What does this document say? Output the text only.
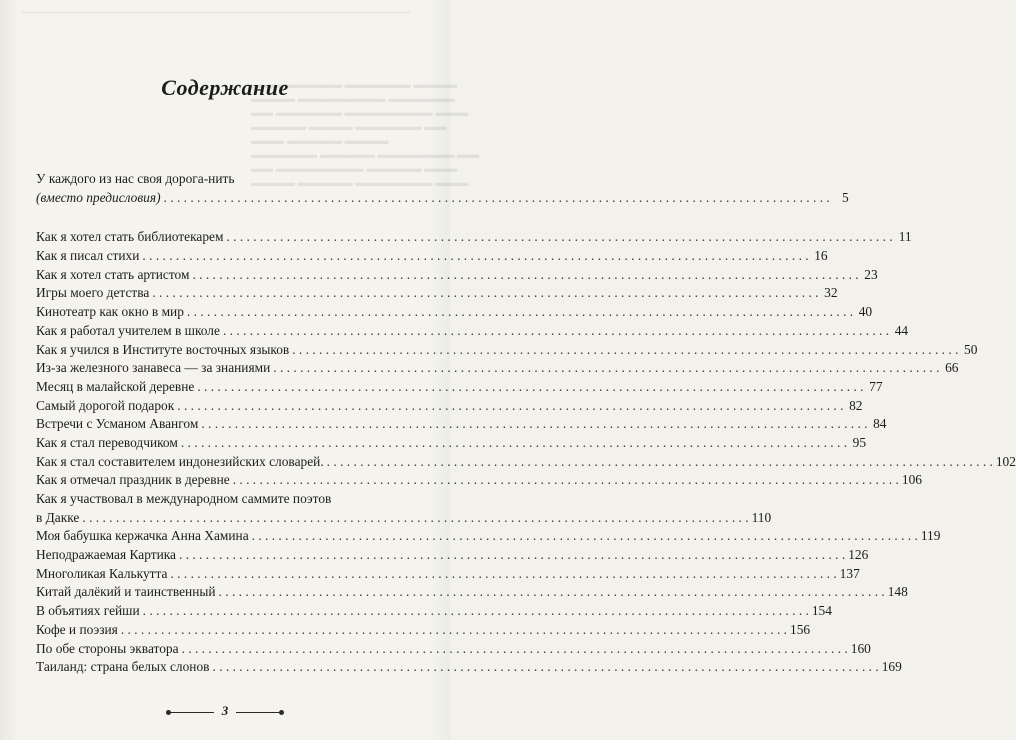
▬▬▬ ▬▬▬▬▬ ▬▬▬▬▬▬ ▬▬▬▬
▬▬▬▬ ▬▬▬▬▬▬▬▬ ▬▬▬▬▬▬
▬▬ ▬▬▬▬▬▬ ▬▬▬▬▬▬▬▬ ▬▬▬
▬▬▬▬▬ ▬▬▬▬ ▬▬▬▬▬▬ ▬▬
▬▬▬ ▬▬▬▬▬ ▬▬▬▬
▬▬▬▬▬▬ ▬▬▬▬▬ ▬▬▬▬▬▬▬ ▬▬
▬▬ ▬▬▬▬▬▬▬▬ ▬▬▬▬▬ ▬▬▬
▬▬▬▬ ▬▬▬▬▬ ▬▬▬▬▬▬▬ ▬▬▬
Содержание
У каждого из нас своя дорога-нить
(вместо предисловия) . . .	5
Как я хотел стать библиотекарем . . .	11
Как я писал стихи . . .	16
Как я хотел стать артистом . . .	23
Игры моего детства . . .	32
Кинотеатр как окно в мир . . .	40
Как я работал учителем в школе . . .	44
Как я учился в Институте восточных языков . . .	50
Из-за железного занавеса — за знаниями . . .	66
Месяц в малайской деревне . . .	77
Самый дорогой подарок . . .	82
Встречи с Усманом Авангом . . .	84
Как я стал переводчиком . . .	95
Как я стал составителем индонезийских словарей. . . .	102
Как я отмечал праздник в деревне . . .	106
Как я участвовал в международном саммите поэтов
в Дакке . . .	110
Моя бабушка кержачка Анна Хамина . . .	119
Неподражаемая Картика . . .	126
Многоликая Калькутта . . .	137
Китай далёкий и таинственный . . .	148
В объятиях гейши . . .	154
Кофе и поэзия . . .	156
По обе стороны экватора . . .	160
Таиланд: страна белых слонов . . .	169
3
